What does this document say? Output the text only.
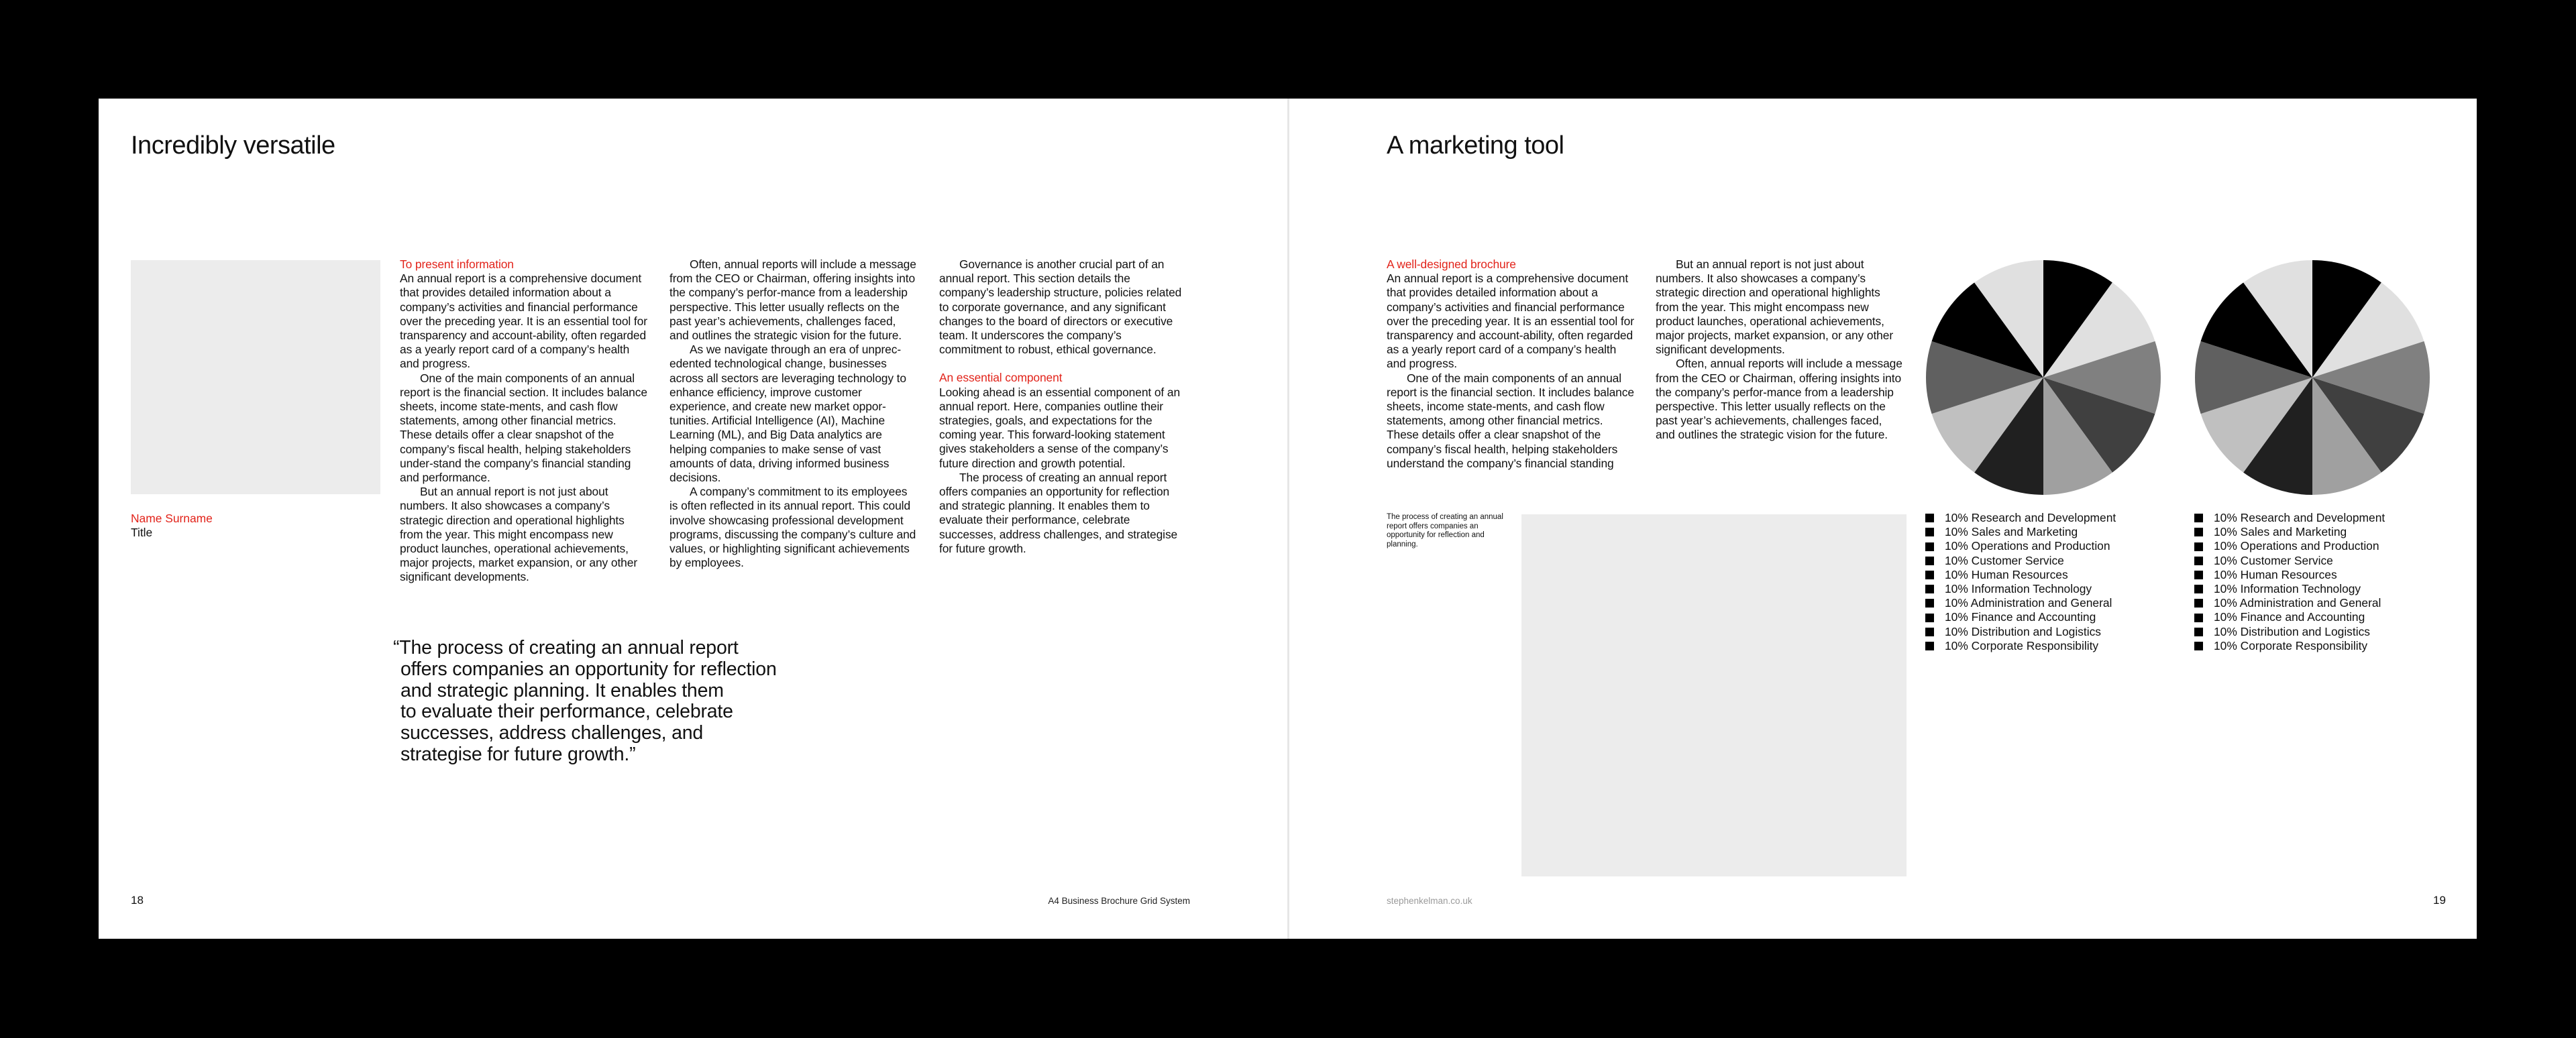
Incredibly versatile
Name Surname
Title

To present information

An annual report is a comprehensive document that provides detailed information about a company’s activities and financial performance over the preceding year. It is an essential tool for transparency and account-ability, often regarded as a yearly report card of a company’s health and progress.

One of the main components of an annual report is the financial section. It includes balance sheets, income state-ments, and cash flow statements, among other financial metrics. These details offer a clear snapshot of the company’s fiscal health, helping stakeholders under-stand the company’s financial standing and performance.

But an annual report is not just about numbers. It also showcases a company’s strategic direction and operational highlights from the year. This might encompass new product launches, operational achievements, major projects, market expansion, or any other significant developments.

Often, annual reports will include a message from the CEO or Chairman, offering insights into the company’s perfor-mance from a leadership perspective. This letter usually reflects on the past year’s achievements, challenges faced, and outlines the strategic vision for the future.

As we navigate through an era of unprec-edented technological change, businesses across all sectors are leveraging technology to enhance efficiency, improve customer experience, and create new market oppor-tunities. Artificial Intelligence (AI), Machine Learning (ML), and Big Data analytics are helping companies to make sense of vast amounts of data, driving informed business decisions.

A company’s commitment to its employees is often reflected in its annual report. This could involve showcasing professional development programs, discussing the company’s culture and values, or highlighting significant achievements by employees.

Governance is another crucial part of an annual report. This section details the company’s leadership structure, policies related to corporate governance, and any significant changes to the board of directors or executive team. It underscores the company’s commitment to robust, ethical governance.

An essential component

Looking ahead is an essential component of an annual report. Here, companies outline their strategies, goals, and expectations for the coming year. This forward-looking statement gives stakeholders a sense of the company’s future direction and growth potential.

The process of creating an annual report offers companies an opportunity for reflection and strategic planning. It enables them to evaluate their performance, celebrate successes, address challenges, and strategise for future growth.

“The process of creating an annual report
offers companies an opportunity for reflection
and strategic planning. It enables them
to evaluate their performance, celebrate
successes, address challenges, and
strategise for future growth.”
18	A4 Business Brochure Grid System
A marketing tool

A well-designed brochure

An annual report is a comprehensive document that provides detailed information about a company’s activities and financial performance over the preceding year. It is an essential tool for transparency and account-ability, often regarded as a yearly report card of a company’s health and progress.

One of the main components of an annual report is the financial section. It includes balance sheets, income state-ments, and cash flow statements, among other financial metrics. These details offer a clear snapshot of the company’s fiscal health, helping stakeholders understand the company’s financial standing

But an annual report is not just about numbers. It also showcases a company’s strategic direction and operational highlights from the year. This might encompass new product launches, operational achievements, major projects, market expansion, or any other significant developments.

Often, annual reports will include a message from the CEO or Chairman, offering insights into the company’s perfor-mance from a leadership perspective. This letter usually reflects on the past year’s achievements, challenges faced, and outlines the strategic vision for the future.

The process of creating an annual report offers companies an opportunity for reflection and planning.
10% Research and Development
10% Sales and Marketing
10% Operations and Production
10% Customer Service
10% Human Resources
10% Information Technology
10% Administration and General
10% Finance and Accounting
10% Distribution and Logistics
10% Corporate Responsibility
10% Research and Development
10% Sales and Marketing
10% Operations and Production
10% Customer Service
10% Human Resources
10% Information Technology
10% Administration and General
10% Finance and Accounting
10% Distribution and Logistics
10% Corporate Responsibility
stephenkelman.co.uk	19
